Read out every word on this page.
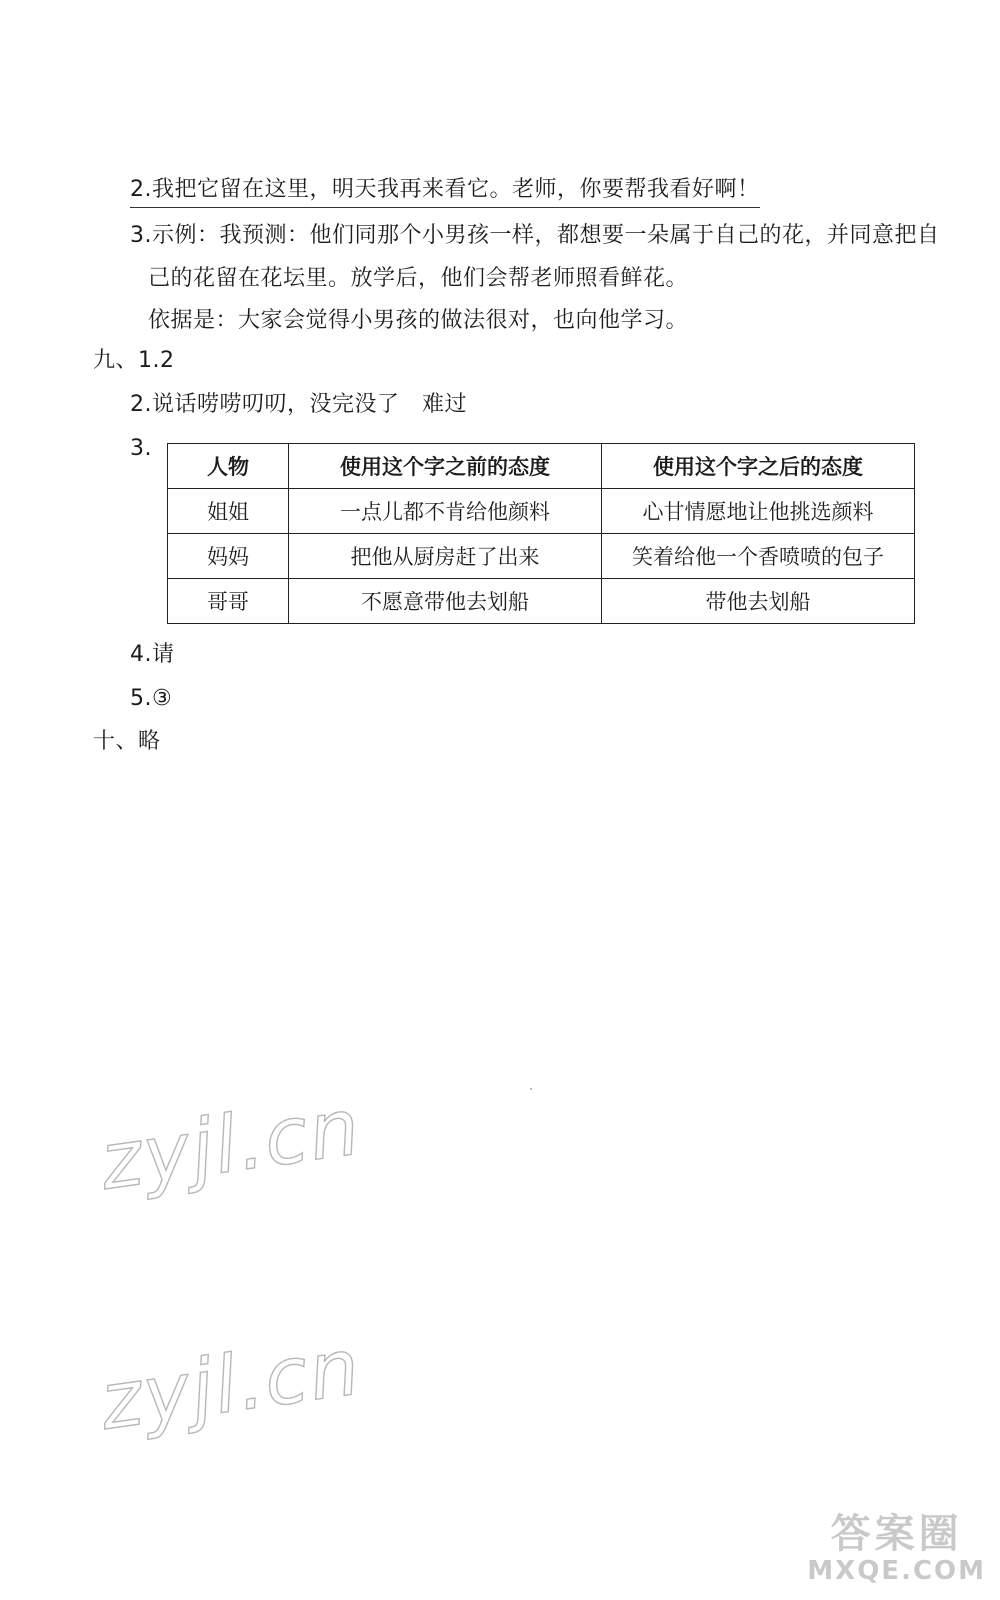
2.我把它留在这里，明天我再来看它。老师，你要帮我看好啊！
3.示例：我预测：他们同那个小男孩一样，都想要一朵属于自己的花，并同意把自
己的花留在花坛里。放学后，他们会帮老师照看鲜花。
依据是：大家会觉得小男孩的做法很对，也向他学习。
九、1.2
2.说话唠唠叨叨，没完没了　难过
3.
人物	使用这个字之前的态度	使用这个字之后的态度
姐姐	一点儿都不肯给他颜料	心甘情愿地让他挑选颜料
妈妈	把他从厨房赶了出来	笑着给他一个香喷喷的包子
哥哥	不愿意带他去划船	带他去划船
4.请
5.③
十、略
zyjl.cn
zyjl.cn
答案圈
MXQE.COM
